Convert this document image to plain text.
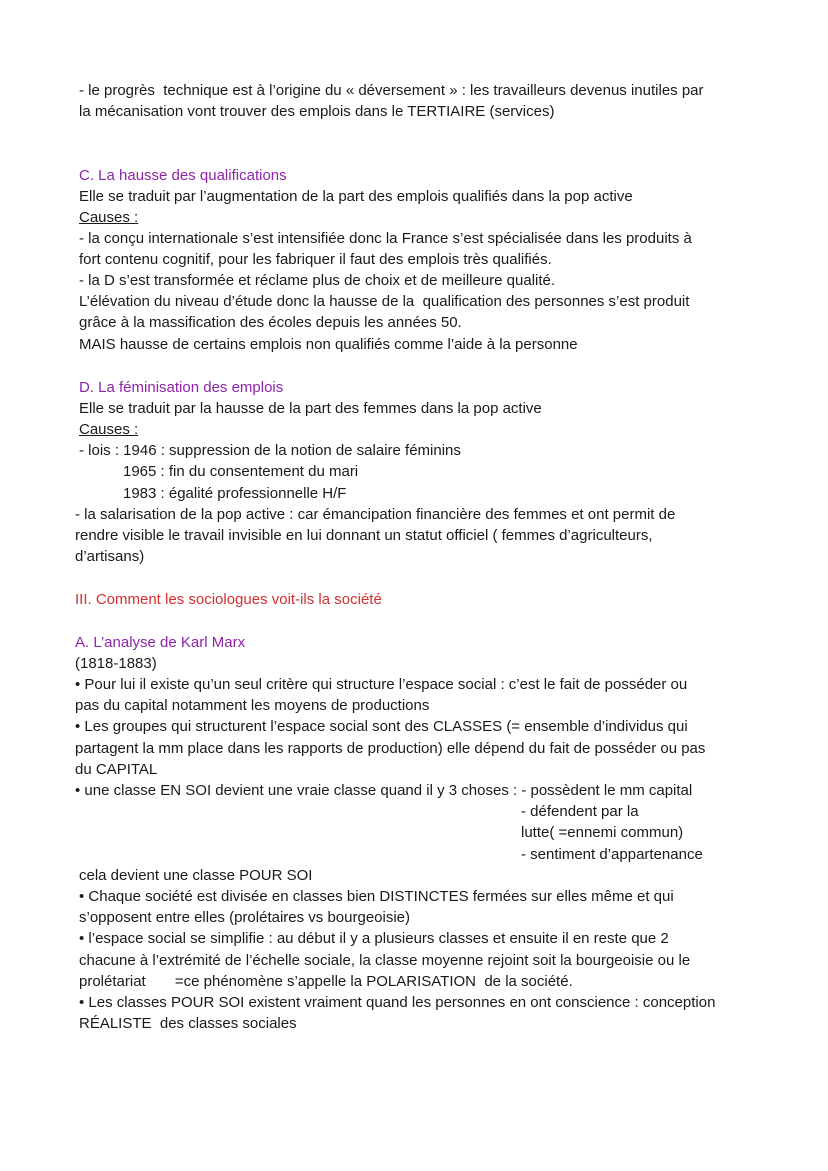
- le progrès  technique est à l’origine du « déversement » : les travailleurs devenus inutiles par
la mécanisation vont trouver des emplois dans le TERTIAIRE (services)
C. La hausse des qualifications
Elle se traduit par l’augmentation de la part des emplois qualifiés dans la pop active
Causes :
- la conçu internationale s’est intensifiée donc la France s’est spécialisée dans les produits à
fort contenu cognitif, pour les fabriquer il faut des emplois très qualifiés.
- la D s’est transformée et réclame plus de choix et de meilleure qualité.
L’élévation du niveau d’étude donc la hausse de la  qualification des personnes s’est produit
grâce à la massification des écoles depuis les années 50.
MAIS hausse de certains emplois non qualifiés comme l’aide à la personne
D. La féminisation des emplois
Elle se traduit par la hausse de la part des femmes dans la pop active
Causes :
- lois : 1946 : suppression de la notion de salaire féminins
1965 : fin du consentement du mari
1983 : égalité professionnelle H/F
- la salarisation de la pop active : car émancipation financière des femmes et ont permit de
rendre visible le travail invisible en lui donnant un statut officiel ( femmes d’agriculteurs,
d’artisans)
III. Comment les sociologues voit-ils la société
A. L’analyse de Karl Marx
(1818-1883)
• Pour lui il existe qu’un seul critère qui structure l’espace social : c’est le fait de posséder ou
pas du capital notamment les moyens de productions
• Les groupes qui structurent l’espace social sont des CLASSES (= ensemble d’individus qui
partagent la mm place dans les rapports de production) elle dépend du fait de posséder ou pas
du CAPITAL
• une classe EN SOI devient une vraie classe quand il y 3 choses : - possèdent le mm capital
- défendent par la
lutte( =ennemi commun)
- sentiment d’appartenance
cela devient une classe POUR SOI
• Chaque société est divisée en classes bien DISTINCTES fermées sur elles même et qui
s’opposent entre elles (prolétaires vs bourgeoisie)
• l’espace social se simplifie : au début il y a plusieurs classes et ensuite il en reste que 2
chacune à l’extrémité de l’échelle sociale, la classe moyenne rejoint soit la bourgeoisie ou le
prolétariat       =ce phénomène s’appelle la POLARISATION  de la société.
• Les classes POUR SOI existent vraiment quand les personnes en ont conscience : conception
RÉALISTE  des classes sociales
